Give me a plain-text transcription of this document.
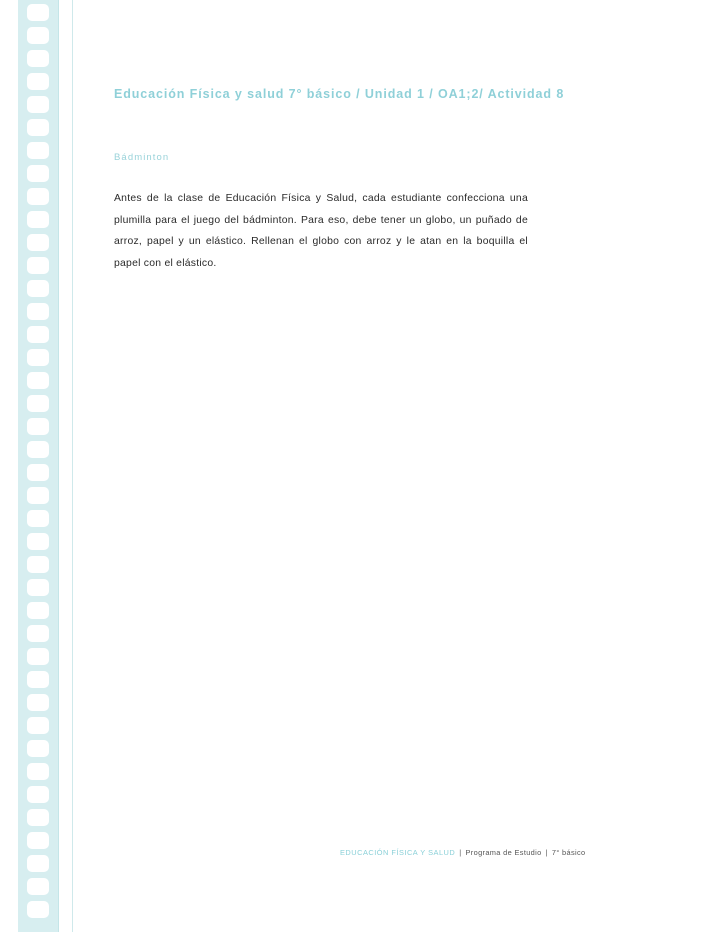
Educación Física y salud 7° básico / Unidad 1 / OA1;2/ Actividad 8
Bádminton
Antes de la clase de Educación Física y Salud, cada estudiante confecciona una plumilla para el juego del bádminton. Para eso, debe tener un globo, un puñado de arroz, papel y un elástico. Rellenan el globo con arroz y le atan en la boquilla el papel con el elástico.
EDUCACIÓN FÍSICA Y SALUD | Programa de Estudio | 7° básico
